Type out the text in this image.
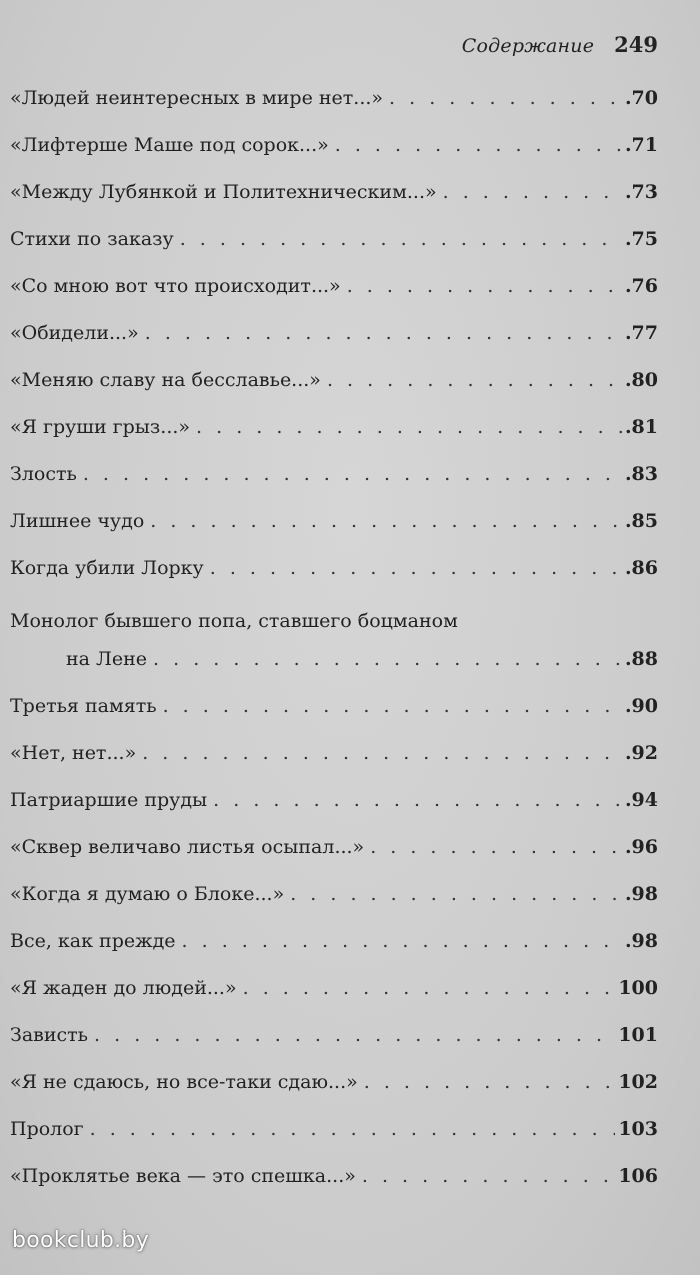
Содержание 249
«Людей неинтересных в мире нет...» . . .	.70
«Лифтерше Маше под сорок...» . . .	.71
«Между Лубянкой и Политехническим...» . . .	.73
Стихи по заказу . . .	.75
«Со мною вот что происходит...» . . .	.76
«Обидели...» . . .	.77
«Меняю славу на бесславье...» . . .	.80
«Я груши грыз...» . . .	.81
Злость . . .	.83
Лишнее чудо . . .	.85
Когда убили Лорку . . .	.86
Монолог бывшего попа, ставшего боцманом
на Лене . . .	.88
Третья память . . .	.90
«Нет, нет...» . . .	.92
Патриаршие пруды . . .	.94
«Сквер величаво листья осыпал...» . . .	.96
«Когда я думаю о Блоке...» . . .	.98
Все, как прежде . . .	.98
«Я жаден до людей...» . . .	100
Зависть . . .	101
«Я не сдаюсь, но все-таки сдаю...» . . .	102
Пролог . . .	103
«Проклятье века — это спешка...» . . .	106
bookclub.by
